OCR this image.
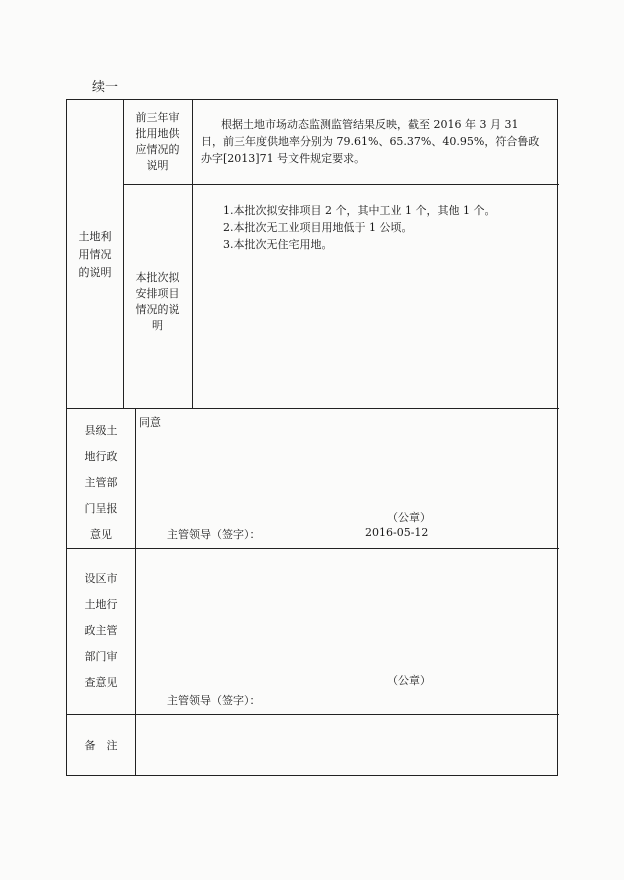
续一
土地利
用情况
的说明
前三年审
批用地供
应情况的
说明
根据土地市场动态监测监管结果反映，截至 2016 年 3 月 31
日，前三年度供地率分别为 79.61%、65.37%、40.95%，符合鲁政
办字[2013]71 号文件规定要求。
本批次拟
安排项目
情况的说
明
1.本批次拟安排项目 2 个，其中工业 1 个，其他 1 个。
2.本批次无工业项目用地低于 1 公顷。
3.本批次无住宅用地。
县级土
地行政
主管部
门呈报
意见
同意
（公章）
主管领导（签字）：	2016-05-12
设区市
土地行
政主管
部门审
查意见	（公章）
主管领导（签字）：
备　注
